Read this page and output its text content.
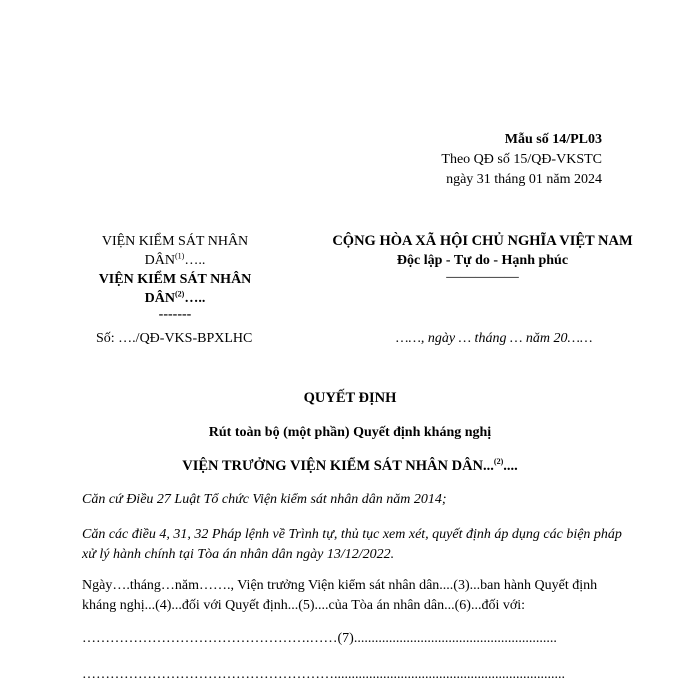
Mẫu số 14/PL03
Theo QĐ số 15/QĐ-VKSTC
ngày 31 tháng 01 năm 2024
VIỆN KIỂM SÁT NHÂN DÂN$^{(1)}$…..
VIỆN KIỂM SÁT NHÂN DÂN$^{(2)}$…..
-------
CỘNG HÒA XÃ HỘI CHỦ NGHĨA VIỆT NAM
Độc lập - Tự do - Hạnh phúc
—————
Số: …./QĐ-VKS-BPXLHC	……, ngày … tháng … năm 20……
QUYẾT ĐỊNH
Rút toàn bộ (một phần) Quyết định kháng nghị
VIỆN TRƯỞNG VIỆN KIỂM SÁT NHÂN DÂN...$^{(2)}$....
Căn cứ Điều 27 Luật Tổ chức Viện kiểm sát nhân dân năm 2014;
Căn các điều 4, 31, 32 Pháp lệnh về Trình tự, thủ tục xem xét, quyết định áp dụng các biện pháp xử lý hành chính tại Tòa án nhân dân ngày 13/12/2022.
Ngày….tháng…năm……., Viện trưởng Viện kiểm sát nhân dân....(3)...ban hành Quyết định kháng nghị...(4)...đối với Quyết định...(5)....của Tòa án nhân dân...(6)...đối với:
………………………………………….……(7)..........................................................
………………………………………………..................................................................
